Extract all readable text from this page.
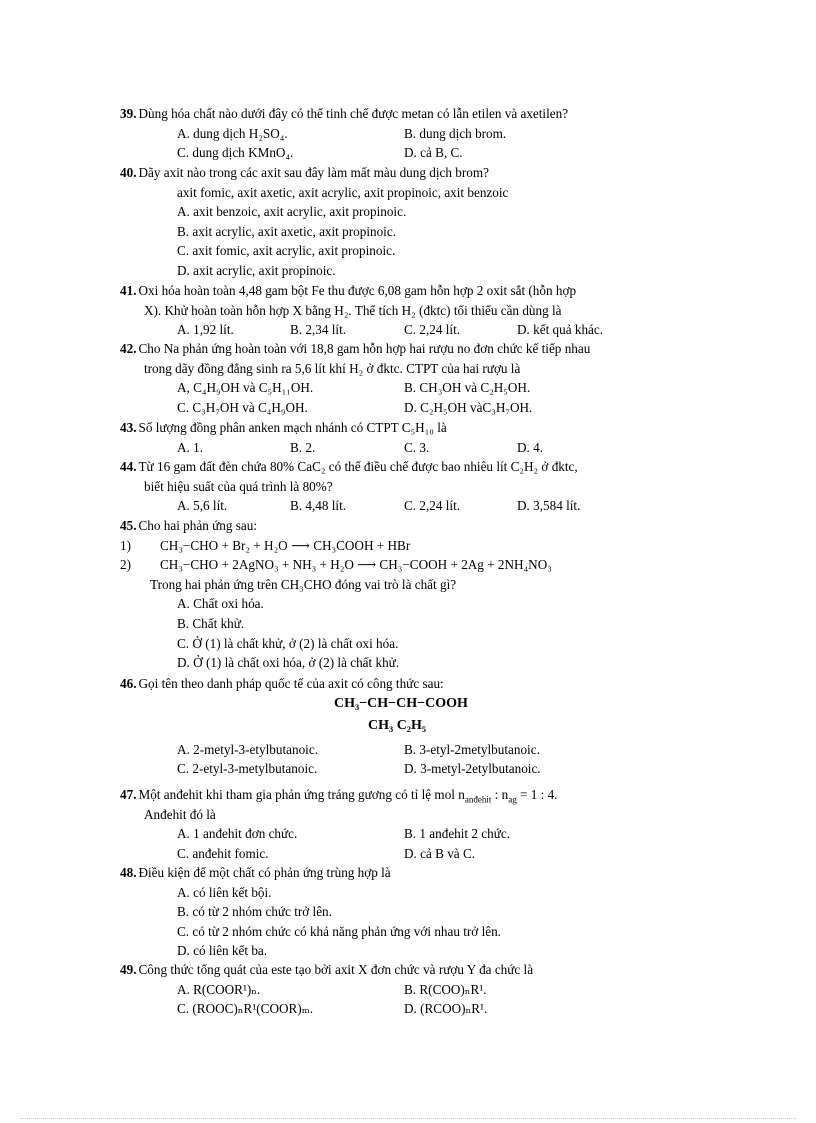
39. Dùng hóa chất nào dưới đây có thể tinh chế được metan có lẫn etilen và axetilen?
A. dung dịch H₂SO₄.	B. dung dịch brom.
C. dung dịch KMnO₄.	D. cả B, C.
40. Dãy axit nào trong các axit sau đây làm mất màu dung dịch brom?
axit fomic, axit axetic, axit acrylic, axit propinoic, axit benzoic
A. axit benzoic, axit acrylic, axit propinoic.
B. axit acrylic, axit axetic, axit propinoic.
C. axit fomic, axit acrylic, axit propinoic.
D. axit acrylic, axit propinoic.
41. Oxi hóa hoàn toàn 4,48 gam bột Fe thu được 6,08 gam hỗn hợp 2 oxit sắt (hỗn hợp
X). Khử hoàn toàn hỗn hợp X bằng H₂. Thể tích H₂ (đktc) tối thiểu cần dùng là
A. 1,92 lít.	B. 2,34 lít.	C. 2,24 lít.	D. kết quả khác.
42. Cho Na phản ứng hoàn toàn với 18,8 gam hỗn hợp hai rượu no đơn chức kế tiếp nhau
trong dãy đồng đẳng sinh ra 5,6 lít khí H₂ ở đktc. CTPT của hai rượu là
A, C₄H₉OH và C₅H₁₁OH.	B. CH₃OH và C₂H₅OH.
C. C₃H₇OH và C₄H₉OH.	D. C₂H₅OH vàC₃H₇OH.
43. Số lượng đồng phân anken mạch nhánh có CTPT C₅H₁₀ là
A. 1.	B. 2.	C. 3.	D. 4.
44. Từ 16 gam đất đèn chứa 80% CaC₂ có thể điều chế được bao nhiêu lít C₂H₂ ở đktc,
biết hiệu suất của quá trình là 80%?
A. 5,6 lít.	B. 4,48 lít.	C. 2,24 lít.	D. 3,584 lít.
45. Cho hai phản ứng sau:
1) CH₃−CHO + Br₂ + H₂O ⟶ CH₃COOH + HBr
2) CH₃−CHO + 2AgNO₃ + NH₃ + H₂O ⟶ CH₃−COOH + 2Ag + 2NH₄NO₃
Trong hai phản ứng trên CH₃CHO đóng vai trò là chất gì?
A. Chất oxi hóa.
B. Chất khử.
C. Ở (1) là chất khử, ở (2) là chất oxi hóa.
D. Ở (1) là chất oxi hóa, ở (2) là chất khử.
46. Gọi tên theo danh pháp quốc tế của axit có công thức sau:
CH₃−CH−CH−COOH
CH₃ C₂H₅
A. 2-metyl-3-etylbutanoic.	B. 3-etyl-2metylbutanoic.
C. 2-etyl-3-metylbutanoic.	D. 3-metyl-2etylbutanoic.
47. Một anđehit khi tham gia phản ứng tráng gương có tỉ lệ mol $n_{anđehit}$ : $n_{ag} = 1$ : 4.
Anđehit đó là
A. 1 anđehit đơn chức.	B. 1 anđehit 2 chức.
C. anđehit fomic.	D. cả B và C.
48. Điều kiện để một chất có phản ứng trùng hợp là
A. có liên kết bội.
B. có từ 2 nhóm chức trở lên.
C. có từ 2 nhóm chức có khả năng phản ứng với nhau trở lên.
D. có liên kết ba.
49. Công thức tổng quát của este tạo bởi axit X đơn chức và rượu Y đa chức là
A. R(COOR¹)ₙ.	B. R(COO)ₙR¹.
C. (ROOC)ₙR¹(COOR)ₘ.	D. (RCOO)ₙR¹.
